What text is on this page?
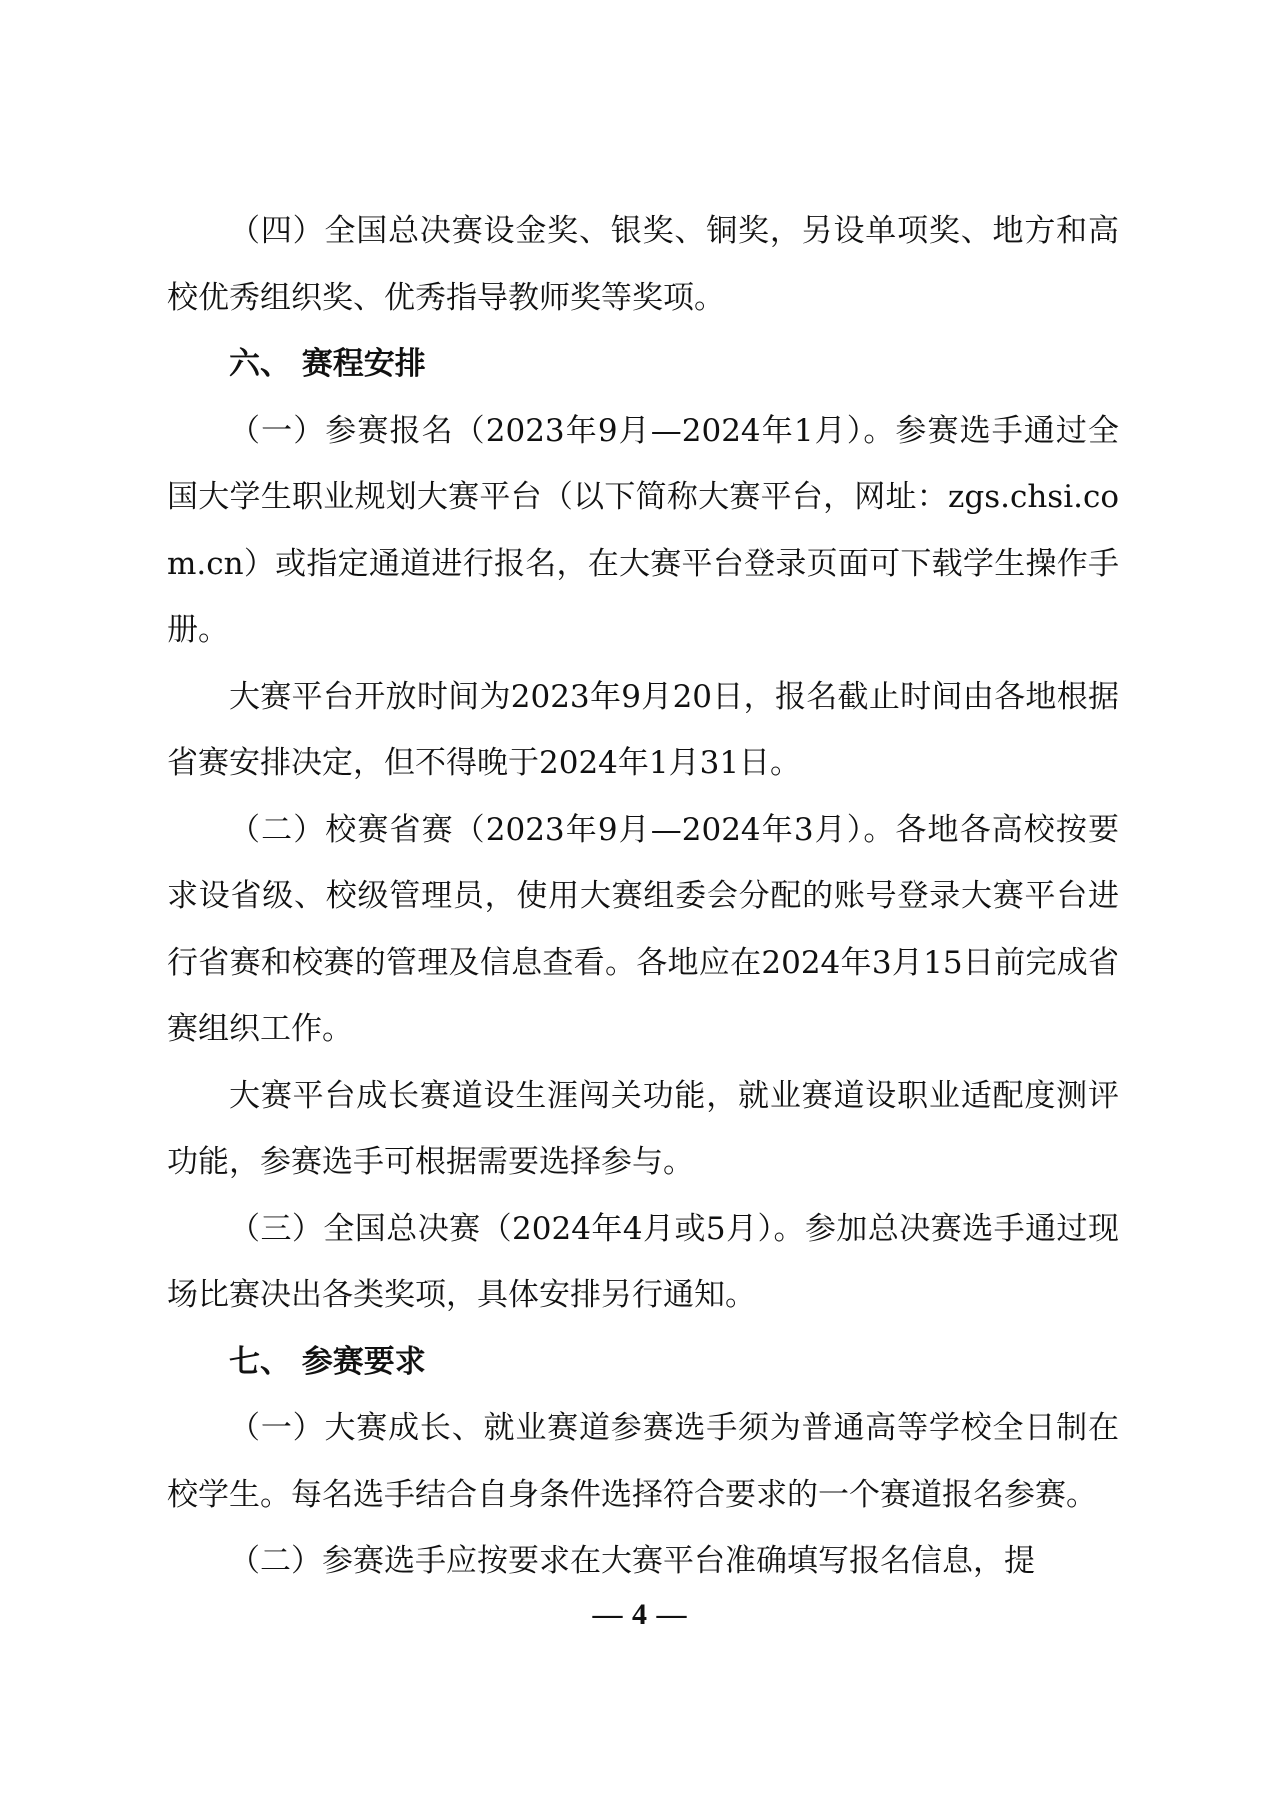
（四）全国总决赛设金奖、银奖、铜奖，另设单项奖、地方和高校优秀组织奖、优秀指导教师奖等奖项。

六、 赛程安排

（一）参赛报名（2023年9月—2024年1月）。参赛选手通过全国大学生职业规划大赛平台（以下简称大赛平台，网址：zgs.chsi.com.cn）或指定通道进行报名，在大赛平台登录页面可下载学生操作手册。

大赛平台开放时间为2023年9月20日，报名截止时间由各地根据省赛安排决定，但不得晚于2024年1月31日。

（二）校赛省赛（2023年9月—2024年3月）。各地各高校按要求设省级、校级管理员，使用大赛组委会分配的账号登录大赛平台进行省赛和校赛的管理及信息查看。各地应在2024年3月15日前完成省赛组织工作。

大赛平台成长赛道设生涯闯关功能，就业赛道设职业适配度测评功能，参赛选手可根据需要选择参与。

（三）全国总决赛（2024年4月或5月）。参加总决赛选手通过现场比赛决出各类奖项，具体安排另行通知。

七、 参赛要求

（一）大赛成长、就业赛道参赛选手须为普通高等学校全日制在校学生。每名选手结合自身条件选择符合要求的一个赛道报名参赛。

（二）参赛选手应按要求在大赛平台准确填写报名信息，提

— 4 —
